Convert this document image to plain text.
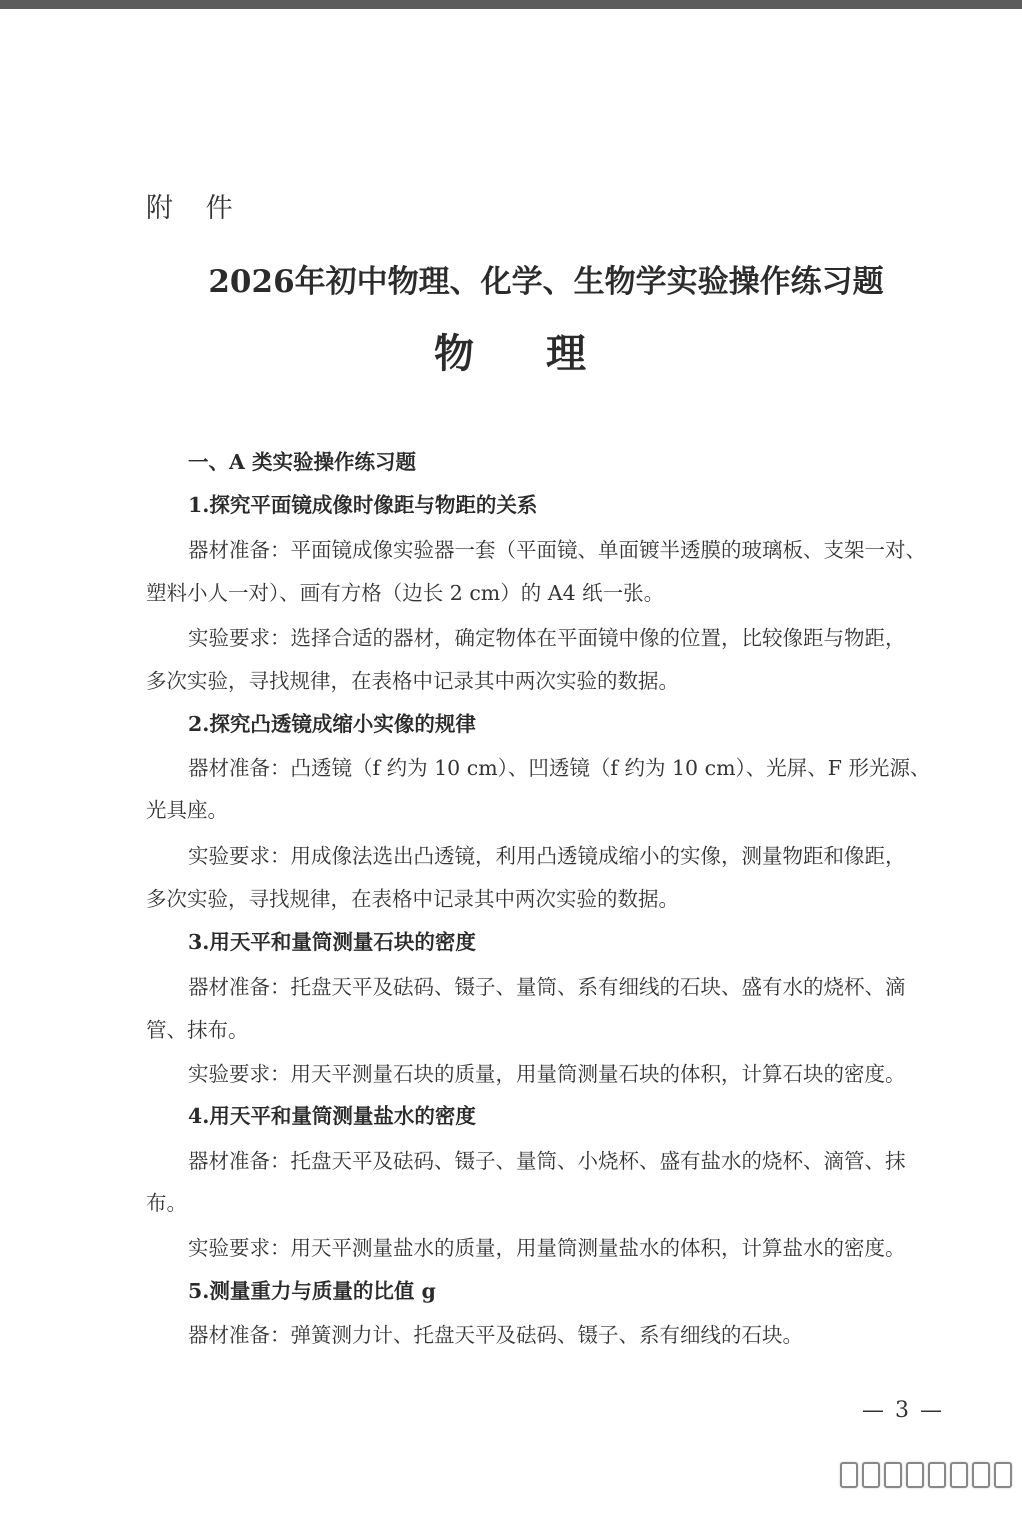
附 件
2026年初中物理、化学、生物学实验操作练习题
物理
一、A 类实验操作练习题
1.探究平面镜成像时像距与物距的关系
器材准备：平面镜成像实验器一套（平面镜、单面镀半透膜的玻璃板、支架一对、
塑料小人一对）、画有方格（边长 2 cm）的 A4 纸一张。
实验要求：选择合适的器材，确定物体在平面镜中像的位置，比较像距与物距，
多次实验，寻找规律，在表格中记录其中两次实验的数据。
2.探究凸透镜成缩小实像的规律
器材准备：凸透镜（f 约为 10 cm）、凹透镜（f 约为 10 cm）、光屏、F 形光源、
光具座。
实验要求：用成像法选出凸透镜，利用凸透镜成缩小的实像，测量物距和像距，
多次实验，寻找规律，在表格中记录其中两次实验的数据。
3.用天平和量筒测量石块的密度
器材准备：托盘天平及砝码、镊子、量筒、系有细线的石块、盛有水的烧杯、滴
管、抹布。
实验要求：用天平测量石块的质量，用量筒测量石块的体积，计算石块的密度。
4.用天平和量筒测量盐水的密度
器材准备：托盘天平及砝码、镊子、量筒、小烧杯、盛有盐水的烧杯、滴管、抹
布。
实验要求：用天平测量盐水的质量，用量筒测量盐水的体积，计算盐水的密度。
5.测量重力与质量的比值 g
器材准备：弹簧测力计、托盘天平及砝码、镊子、系有细线的石块。
— 3 —
